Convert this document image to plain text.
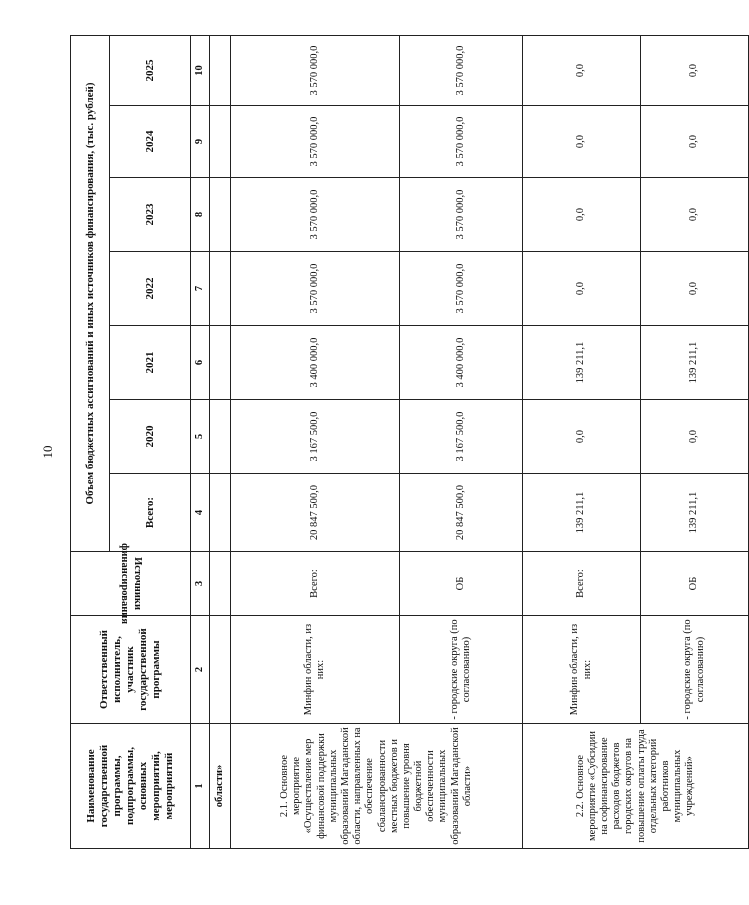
10
Наименование государственной программы, подпрограммы, основных мероприятий, мероприятий	Ответственный исполнитель, участник государственной программы	Источники
финансирования	Объем бюджетных ассигнований и иных источников финансирования, (тыс. рублей)						
			Всего:	2020	2021	2022	2023	2024	2025
1	2	3	4	5	6	7	8	9	10
области»									
2.1. Основное мероприятие «Осуществление мер финансовой поддержки муниципальных образований Магаданской области, направленных на обеспечение сбалансированности местных бюджетов и повышение уровня бюджетной обеспеченности муниципальных образований Магаданской области»	Минфин области, из них:	Всего:	20 847 500,0	3 167 500,0	3 400 000,0	3 570 000,0	3 570 000,0	3 570 000,0	3 570 000,0
	- городские округа (по согласованию)	ОБ	20 847 500,0	3 167 500,0	3 400 000,0	3 570 000,0	3 570 000,0	3 570 000,0	3 570 000,0
2.2. Основное мероприятие «Субсидии на софинансирование расходов бюджетов городских округов на повышение оплаты труда отдельных категорий работников муниципальных учреждений»	Минфин области, из них:	Всего:	139 211,1	0,0	139 211,1	0,0	0,0	0,0	0,0
	- городские округа (по согласованию)	ОБ	139 211,1	0,0	139 211,1	0,0	0,0	0,0	0,0
